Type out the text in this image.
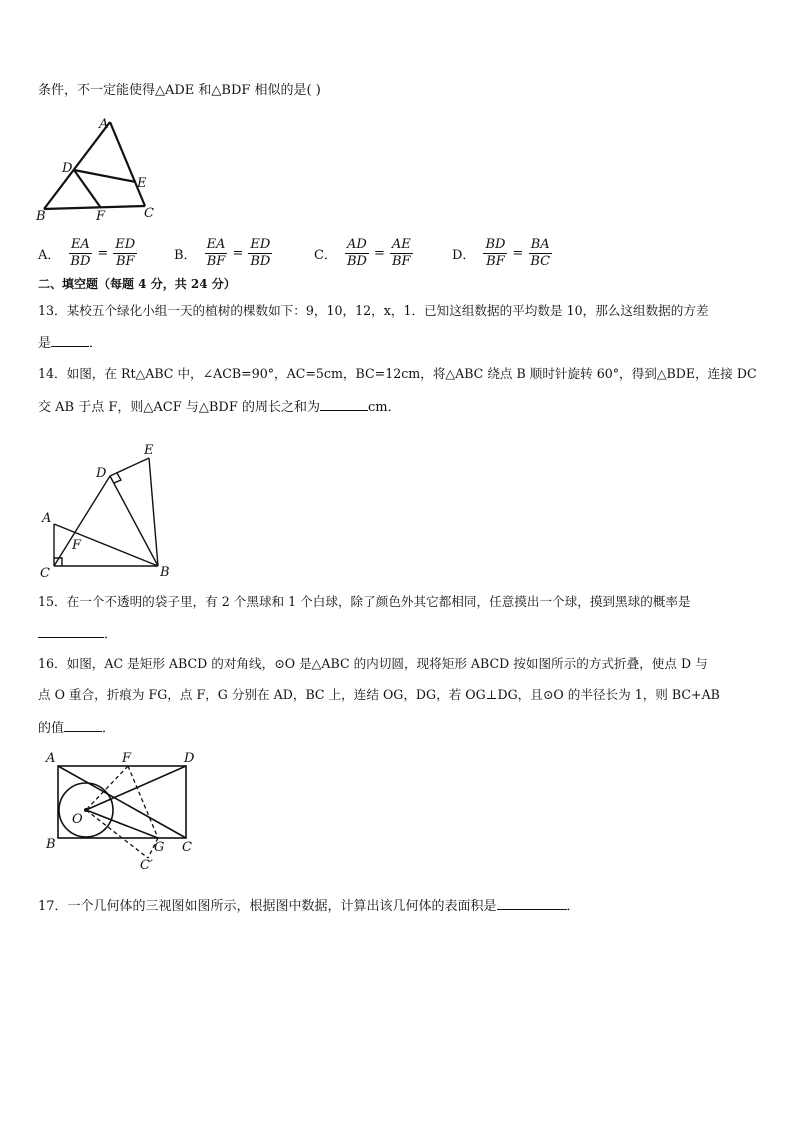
条件，不一定能使得△ADE 和△BDF 相似的是( )
A
D
E
B	F	C
A． $\frac{EA}{BD} = \frac{ED}{BF}$	B． $\frac{EA}{BF} = \frac{ED}{BD}$	C． $\frac{AD}{BD} = \frac{AE}{BF}$	D． $\frac{BD}{BF} = \frac{BA}{BC}$
二、填空题（每题 4 分，共 24 分）
13．某校五个绿化小组一天的植树的棵数如下：9，10，12，x，1．已知这组数据的平均数是 10，那么这组数据的方差
是	．
14．如图，在 Rt△ABC 中，∠ACB=90°，AC=5cm，BC=12cm，将△ABC 绕点 B 顺时针旋转 60°，得到△BDE，连接 DC
交 AB 于点 F，则△ACF 与△BDF 的周长之和为	cm．
E
D
A
F
C	B
15．在一个不透明的袋子里，有 2 个黑球和 1 个白球，除了颜色外其它都相同，任意摸出一个球，摸到黑球的概率是
．
16．如图，AC 是矩形 ABCD 的对角线，⊙O 是△ABC 的内切圆，现将矩形 ABCD 按如图所示的方式折叠，使点 D 与
点 O 重合，折痕为 FG，点 F，G 分别在 AD，BC 上，连结 OG，DG，若 OG⊥DG，且⊙O 的半径长为 1，则 BC+AB
的值	．
A	F	D
O
B	G C
C′
17．一个几何体的三视图如图所示，根据图中数据，计算出该几何体的表面积是	．
